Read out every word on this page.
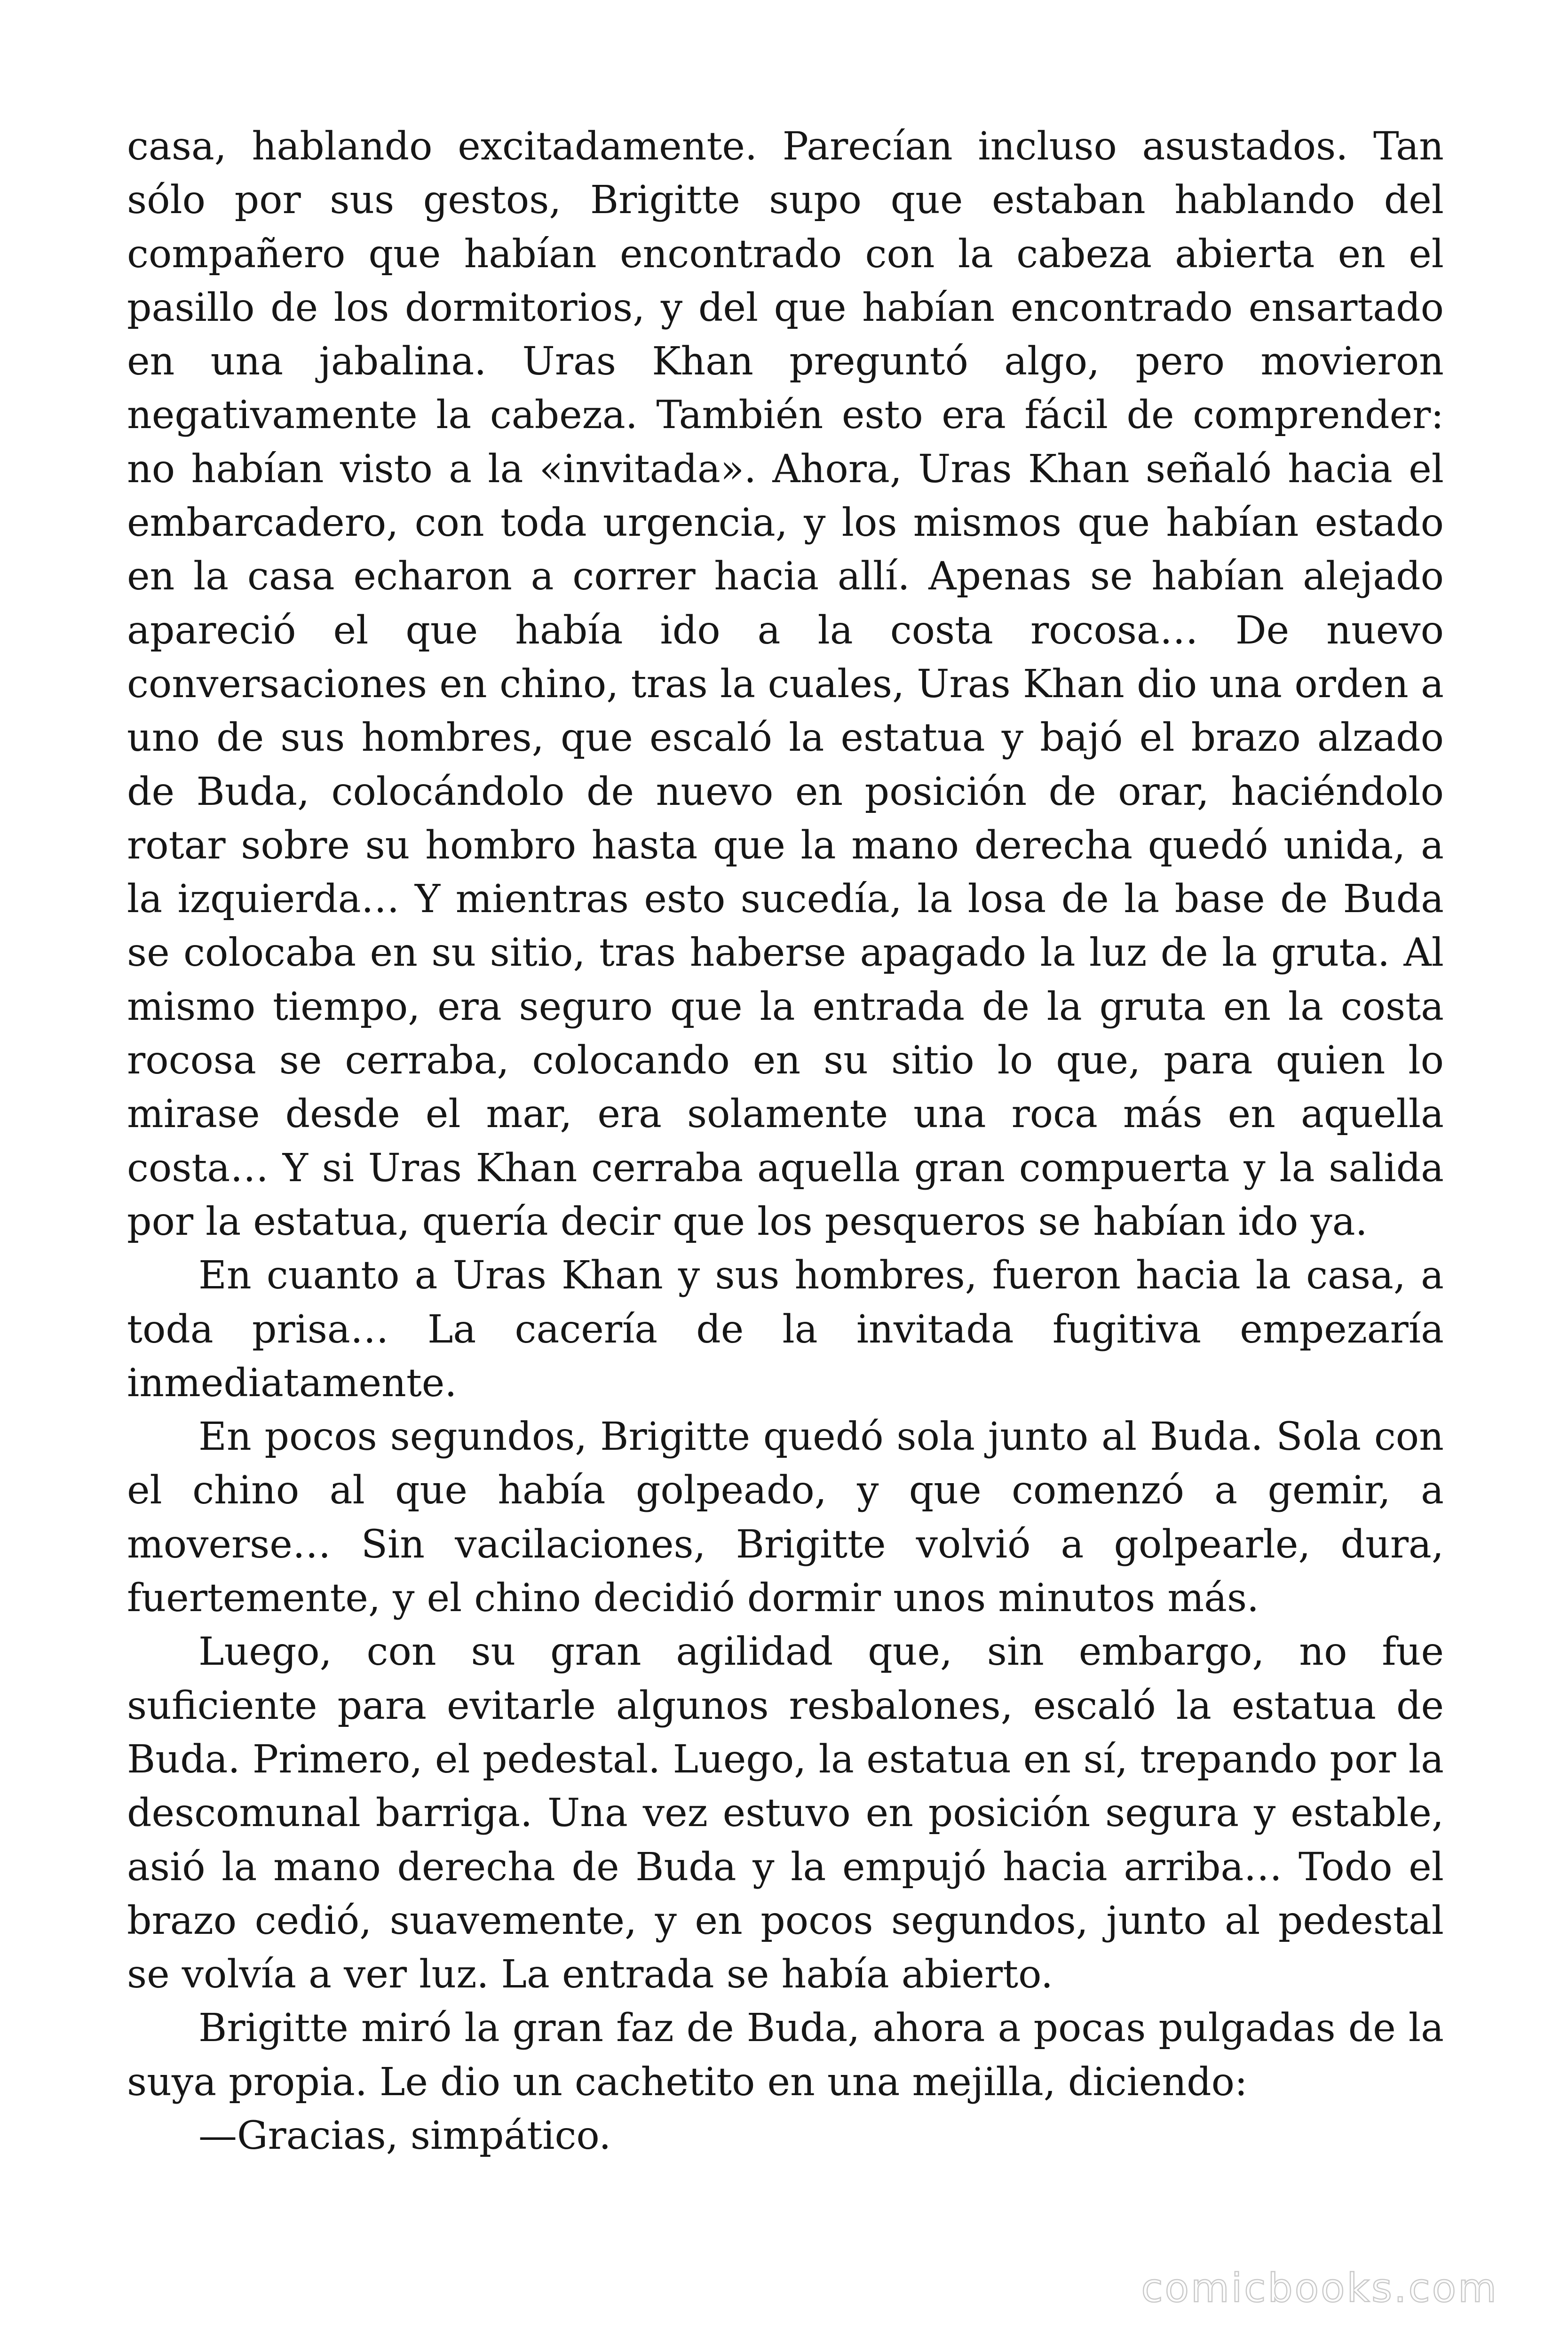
casa, hablando excitadamente. Parecían incluso asustados. Tan sólo por sus gestos, Brigitte supo que estaban hablando del compañero que habían encontrado con la cabeza abierta en el pasillo de los dormitorios, y del que habían encontrado ensartado en una jabalina. Uras Khan preguntó algo, pero movieron negativamente la cabeza. También esto era fácil de comprender: no habían visto a la «invitada». Ahora, Uras Khan señaló hacia el embarcadero, con toda urgencia, y los mismos que habían estado en la casa echaron a correr hacia allí. Apenas se habían alejado apareció el que había ido a la costa rocosa… De nuevo conversaciones en chino, tras la cuales, Uras Khan dio una orden a uno de sus hombres, que escaló la estatua y bajó el brazo alzado de Buda, colocándolo de nuevo en posición de orar, haciéndolo rotar sobre su hombro hasta que la mano derecha quedó unida, a la izquierda… Y mientras esto sucedía, la losa de la base de Buda se colocaba en su sitio, tras haberse apagado la luz de la gruta. Al mismo tiempo, era seguro que la entrada de la gruta en la costa rocosa se cerraba, colocando en su sitio lo que, para quien lo mirase desde el mar, era solamente una roca más en aquella costa… Y si Uras Khan cerraba aquella gran compuerta y la salida por la estatua, quería decir que los pesqueros se habían ido ya.

En cuanto a Uras Khan y sus hombres, fueron hacia la casa, a toda prisa… La cacería de la invitada fugitiva empezaría inmediatamente.

En pocos segundos, Brigitte quedó sola junto al Buda. Sola con el chino al que había golpeado, y que comenzó a gemir, a moverse… Sin vacilaciones, Brigitte volvió a golpearle, dura, fuertemente, y el chino decidió dormir unos minutos más.

Luego, con su gran agilidad que, sin embargo, no fue suficiente para evitarle algunos resbalones, escaló la estatua de Buda. Primero, el pedestal. Luego, la estatua en sí, trepando por la descomunal barriga. Una vez estuvo en posición segura y estable, asió la mano derecha de Buda y la empujó hacia arriba… Todo el brazo cedió, suavemente, y en pocos segundos, junto al pedestal se volvía a ver luz. La entrada se había abierto.

Brigitte miró la gran faz de Buda, ahora a pocas pulgadas de la suya propia. Le dio un cachetito en una mejilla, diciendo:

—Gracias, simpático.

comicbooks.com
